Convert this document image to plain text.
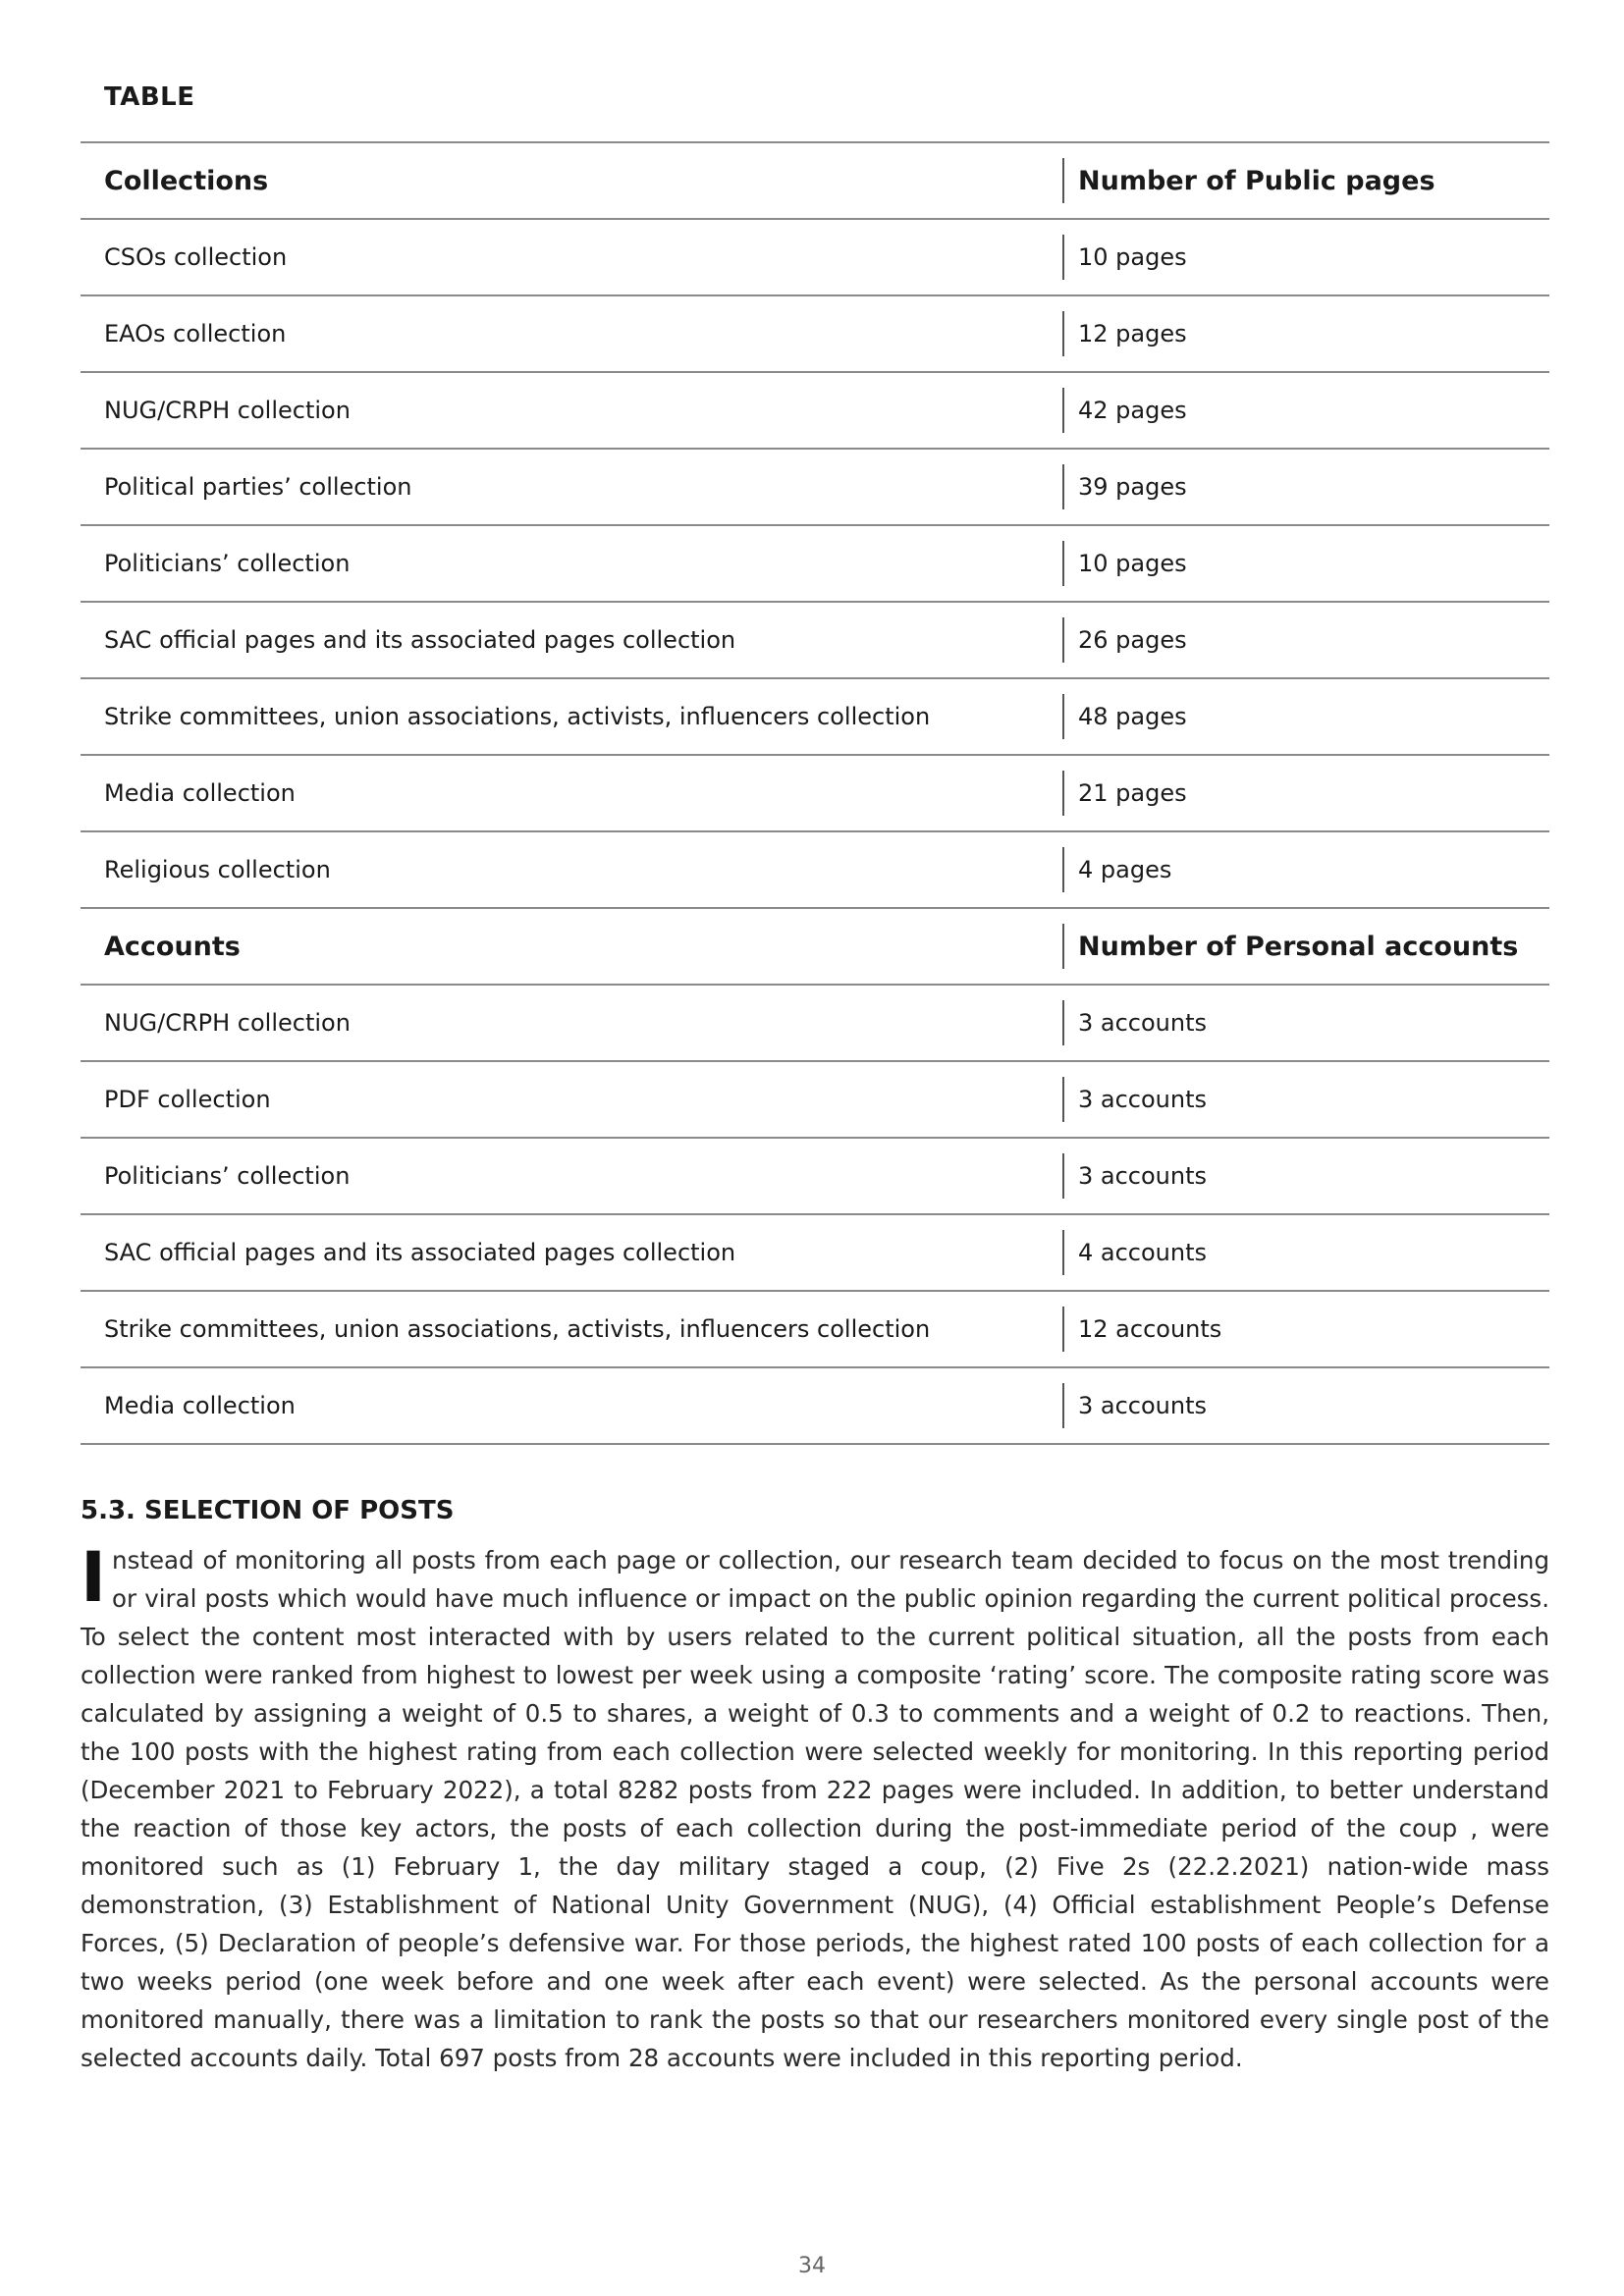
TABLE
Collections	Number of Public pages
CSOs collection	10 pages
EAOs collection	12 pages
NUG/CRPH collection	42 pages
Political parties’ collection	39 pages
Politicians’ collection	10 pages
SAC official pages and its associated pages collection	26 pages
Strike committees, union associations, activists, influencers collection	48 pages
Media collection	21 pages
Religious collection	4 pages
Accounts	Number of Personal accounts
NUG/CRPH collection	3 accounts
PDF collection	3 accounts
Politicians’ collection	3 accounts
SAC official pages and its associated pages collection	4 accounts
Strike committees, union associations, activists, influencers collection	12 accounts
Media collection	3 accounts
5.3. SELECTION OF POSTS
Instead of monitoring all posts from each page or collection, our research team decided to focus on the most trending or viral posts which would have much influence or impact on the public opinion regarding the current political process. To select the content most interacted with by users related to the current political situation, all the posts from each collection were ranked from highest to lowest per week using a composite ‘rating’ score. The composite rating score was calculated by assigning a weight of 0.5 to shares, a weight of 0.3 to comments and a weight of 0.2 to reactions. Then, the 100 posts with the highest rating from each collection were selected weekly for monitoring. In this reporting period (December 2021 to February 2022), a total 8282 posts from 222 pages were included. In addition, to better understand the reaction of those key actors, the posts of each collection during the post-immediate period of the coup , were monitored such as (1) February 1, the day military staged a coup, (2) Five 2s (22.2.2021) nation-wide mass demonstration, (3) Establishment of National Unity Government (NUG), (4) Official establishment People’s Defense Forces, (5) Declaration of people’s defensive war. For those periods, the highest rated 100 posts of each collection for a two weeks period (one week before and one week after each event) were selected. As the personal accounts were monitored manually, there was a limitation to rank the posts so that our researchers monitored every single post of the selected accounts daily. Total 697 posts from 28 accounts were included in this reporting period.
34
